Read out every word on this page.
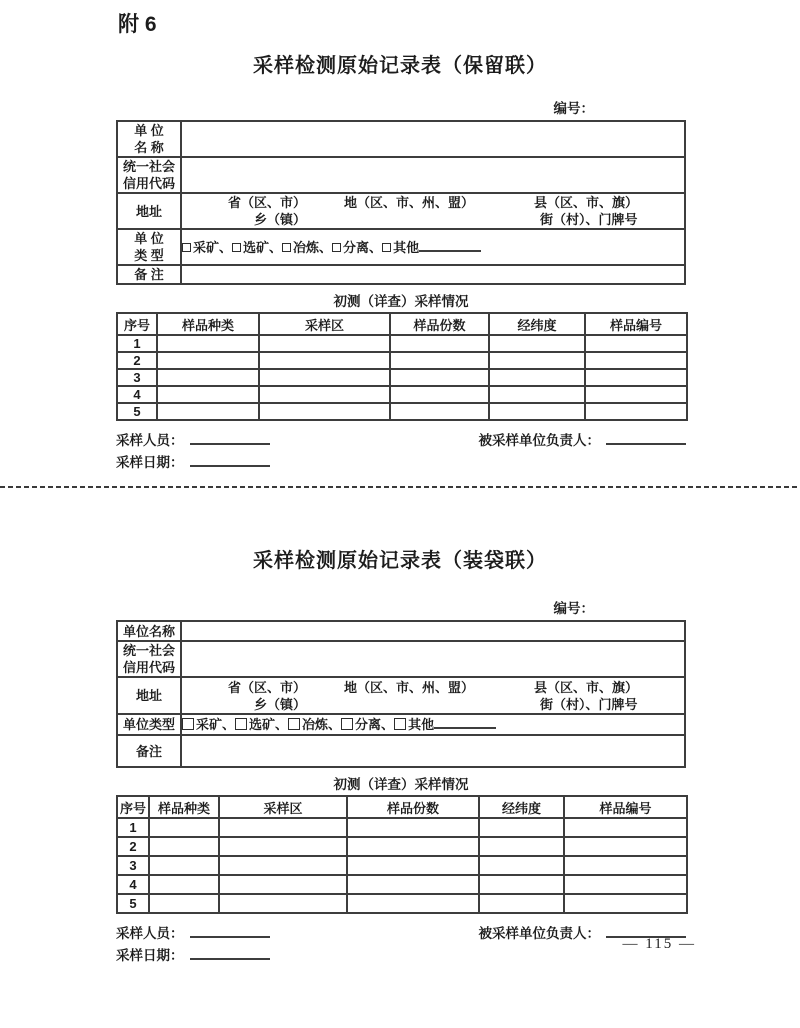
附 6
采样检测原始记录表（保留联）
编号：
单 位
名 称	

统一社会
信用代码	

地址	省（区、市） 地（区、市、州、盟） 县（区、市、旗）
乡（镇） 街（村）、门牌号

单 位
类 型	采矿、 选矿、 冶炼、 分离、 其他
备 注	
初测（详查）采样情况
序号	样品种类	采样区	样品份数	经纬度	样品编号
1					
2					
3					
4					
5					
采样人员：
采样日期：
被采样单位负责人：
采样检测原始记录表（装袋联）
编号：
单位名称	

统一社会
信用代码	

地址	省（区、市） 地（区、市、州、盟） 县（区、市、旗）
乡（镇） 街（村）、门牌号

单位类型	采矿、 选矿、 冶炼、 分离、 其他
备注	
初测（详查）采样情况
序号	样品种类	采样区	样品份数	经纬度	样品编号
1					
2					
3					
4					
5					
采样人员：
采样日期：
被采样单位负责人：
— 115 —
